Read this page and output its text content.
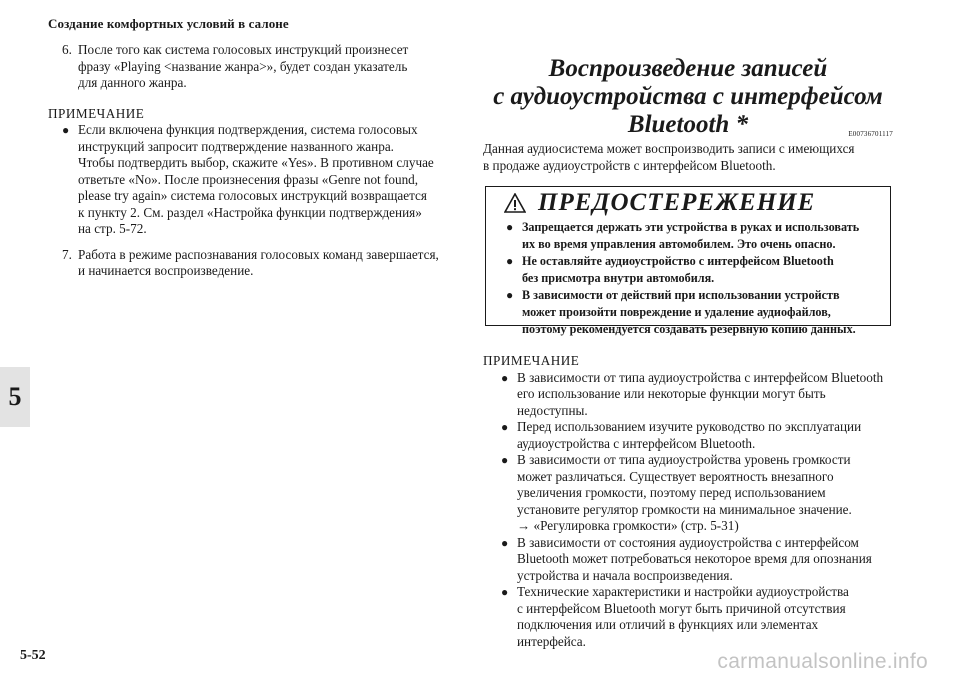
Создание комфортных условий в салоне
5
6. После того как система голосовых инструкций произнесет
фразу «Playing <название жанра>», будет создан указатель
для данного жанра.
ПРИМЕЧАНИЕ
● Если включена функция подтверждения, система голосовых
инструкций запросит подтверждение названного жанра.
Чтобы подтвердить выбор, скажите «Yes». В противном случае
ответьте «No». После произнесения фразы «Genre not found,
please try again» система голосовых инструкций возвращается
к пункту 2. См. раздел «Настройка функции подтверждения»
на стр. 5-72.
7. Работа в режиме распознавания голосовых команд завершается,
и начинается воспроизведение.
Воспроизведение записей
с аудиоустройства с интерфейсом
Bluetooth *	E00736701117
Данная аудиосистема может воспроизводить записи с имеющихся
в продаже аудиоустройств с интерфейсом Bluetooth.
ПРЕДОСТЕРЕЖЕНИЕ
● Запрещается держать эти устройства в руках и использовать
их во время управления автомобилем. Это очень опасно.
● Не оставляйте аудиоустройство с интерфейсом Bluetooth
без присмотра внутри автомобиля.
● В зависимости от действий при использовании устройств
может произойти повреждение и удаление аудиофайлов,
поэтому рекомендуется создавать резервную копию данных.
ПРИМЕЧАНИЕ
● В зависимости от типа аудиоустройства с интерфейсом Bluetooth
его использование или некоторые функции могут быть
недоступны.
● Перед использованием изучите руководство по эксплуатации
аудиоустройства с интерфейсом Bluetooth.
● В зависимости от типа аудиоустройства уровень громкости
может различаться. Существует вероятность внезапного
увеличения громкости, поэтому перед использованием
установите регулятор громкости на минимальное значение.
→ «Регулировка громкости» (стр. 5-31)
● В зависимости от состояния аудиоустройства с интерфейсом
Bluetooth может потребоваться некоторое время для опознания
устройства и начала воспроизведения.
● Технические характеристики и настройки аудиоустройства
с интерфейсом Bluetooth могут быть причиной отсутствия
подключения или отличий в функциях или элементах
интерфейса.
5-52	carmanualsonline.info
